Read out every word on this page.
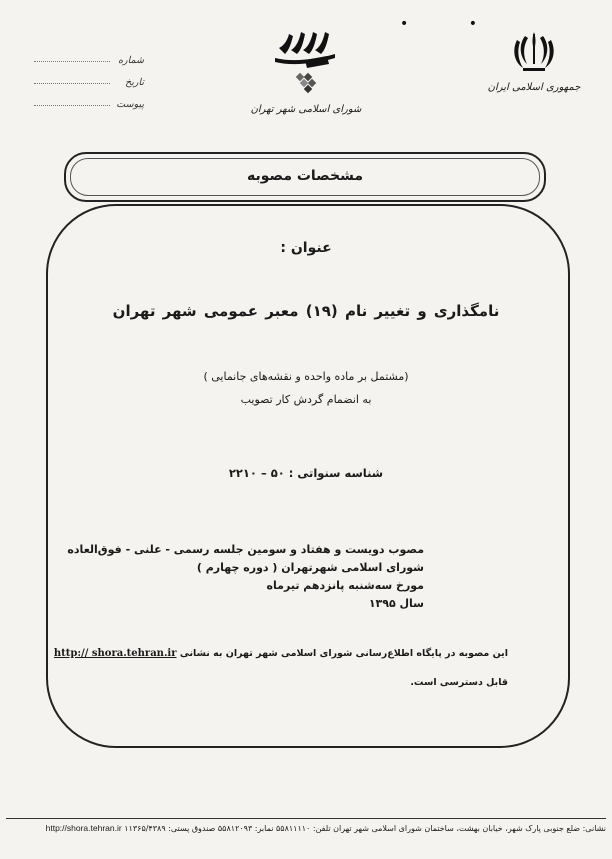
• •
جمهوری اسلامی ایران
شورای اسلامی شهر تهران
شماره
تاریخ
پیوست
مشخصات مصوبه
عنوان :
نامگذاری و تغییر نام (۱۹) معبر عمومی شهر تهران
(مشتمل بر ماده واحده و نقشه‌های جانمایی )
به انضمام گردش کار تصویب
شناسه سنواتی : ۵۰ – ۲۲۱۰
مصوب دویست و هفتاد و سومین جلسه رسمی - علنی - فوق‌العاده
شورای اسلامی شهرتهران ( دوره چهارم )
مورخ سه‌شنبه پانزدهم تیرماه
سال ۱۳۹۵
این مصوبه در پایگاه اطلاع‌رسانی شورای اسلامی شهر تهران به نشانی http:// shora.tehran.ir
قابل دسترسی است.
نشانی: ضلع جنوبی پارک شهر، خیابان بهشت، ساختمان شورای اسلامی شهر تهران تلفن: ۵۵۸۱۱۱۱۰ نمابر: ۵۵۸۱۲۰۹۳ صندوق پستی: ۱۱۳۶۵/۴۳۸۹ http://shora.tehran.ir
